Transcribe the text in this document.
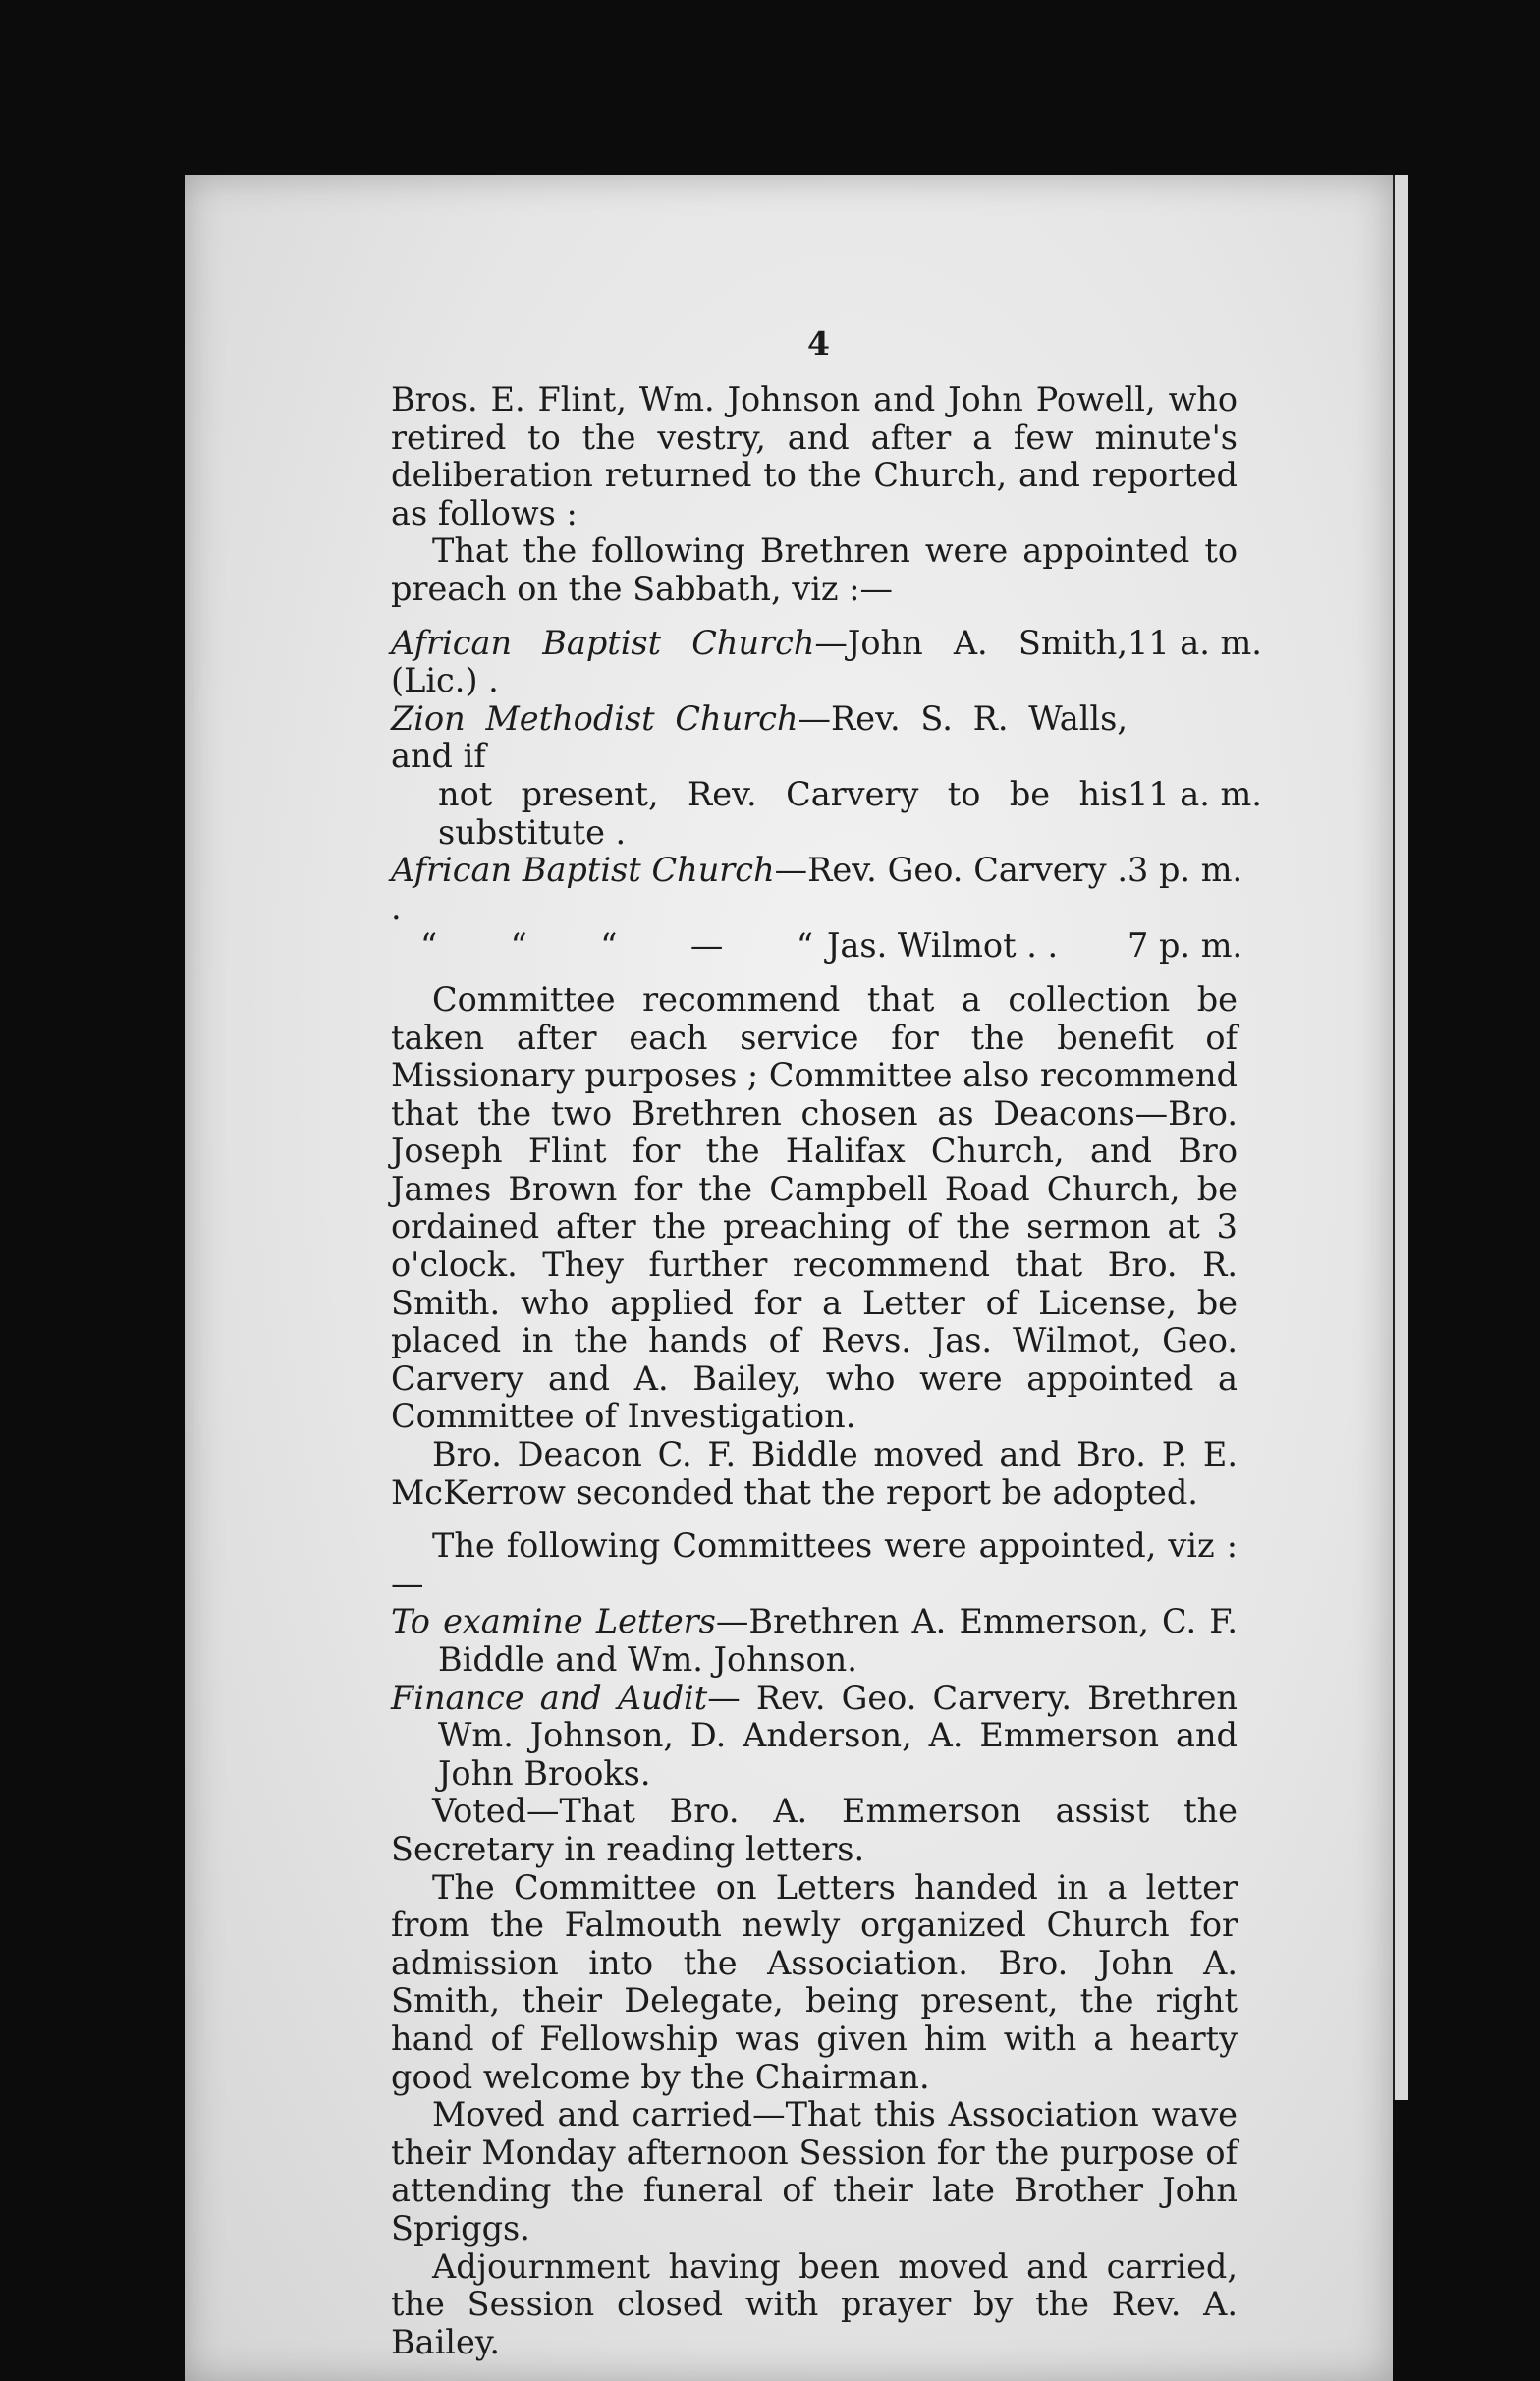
4

Bros. E. Flint, Wm. Johnson and John Powell, who retired to the vestry, and after a few minute's deliberation returned to the Church, and reported as follows :

That the following Brethren were appointed to preach on the Sabbath, viz :—

African Baptist Church—John A. Smith, (Lic.) .
11 a. m.
Zion Methodist Church—Rev. S. R. Walls, and if
not present, Rev. Carvery to be his substitute .
11 a. m.
African Baptist Church—Rev. Geo. Carvery . .
3 p. m.
“ “ “ — “ Jas. Wilmot . . 7 p. m.

Committee recommend that a collection be taken after each service for the benefit of Missionary purposes ; Committee also recommend that the two Brethren chosen as Deacons—Bro. Joseph Flint for the Halifax Church, and Bro James Brown for the Campbell Road Church, be ordained after the preaching of the sermon at 3 o'clock. They further recommend that Bro. R. Smith. who applied for a Letter of License, be placed in the hands of Revs. Jas. Wilmot, Geo. Carvery and A. Bailey, who were appointed a Committee of Investigation.

Bro. Deacon C. F. Biddle moved and Bro. P. E. McKerrow seconded that the report be adopted.

The following Committees were appointed, viz :—

To examine Letters—Brethren A. Emmerson, C. F. Biddle and Wm. Johnson.

Finance and Audit— Rev. Geo. Carvery. Brethren Wm. Johnson, D. Anderson, A. Emmerson and John Brooks.

Voted—That Bro. A. Emmerson assist the Secretary in reading letters.

The Committee on Letters handed in a letter from the Falmouth newly organized Church for admission into the Association. Bro. John A. Smith, their Delegate, being present, the right hand of Fellowship was given him with a hearty good welcome by the Chairman.

Moved and carried—That this Association wave their Monday afternoon Session for the purpose of attending the funeral of their late Brother John Spriggs.

Adjournment having been moved and carried, the Session closed with prayer by the Rev. A. Bailey.
